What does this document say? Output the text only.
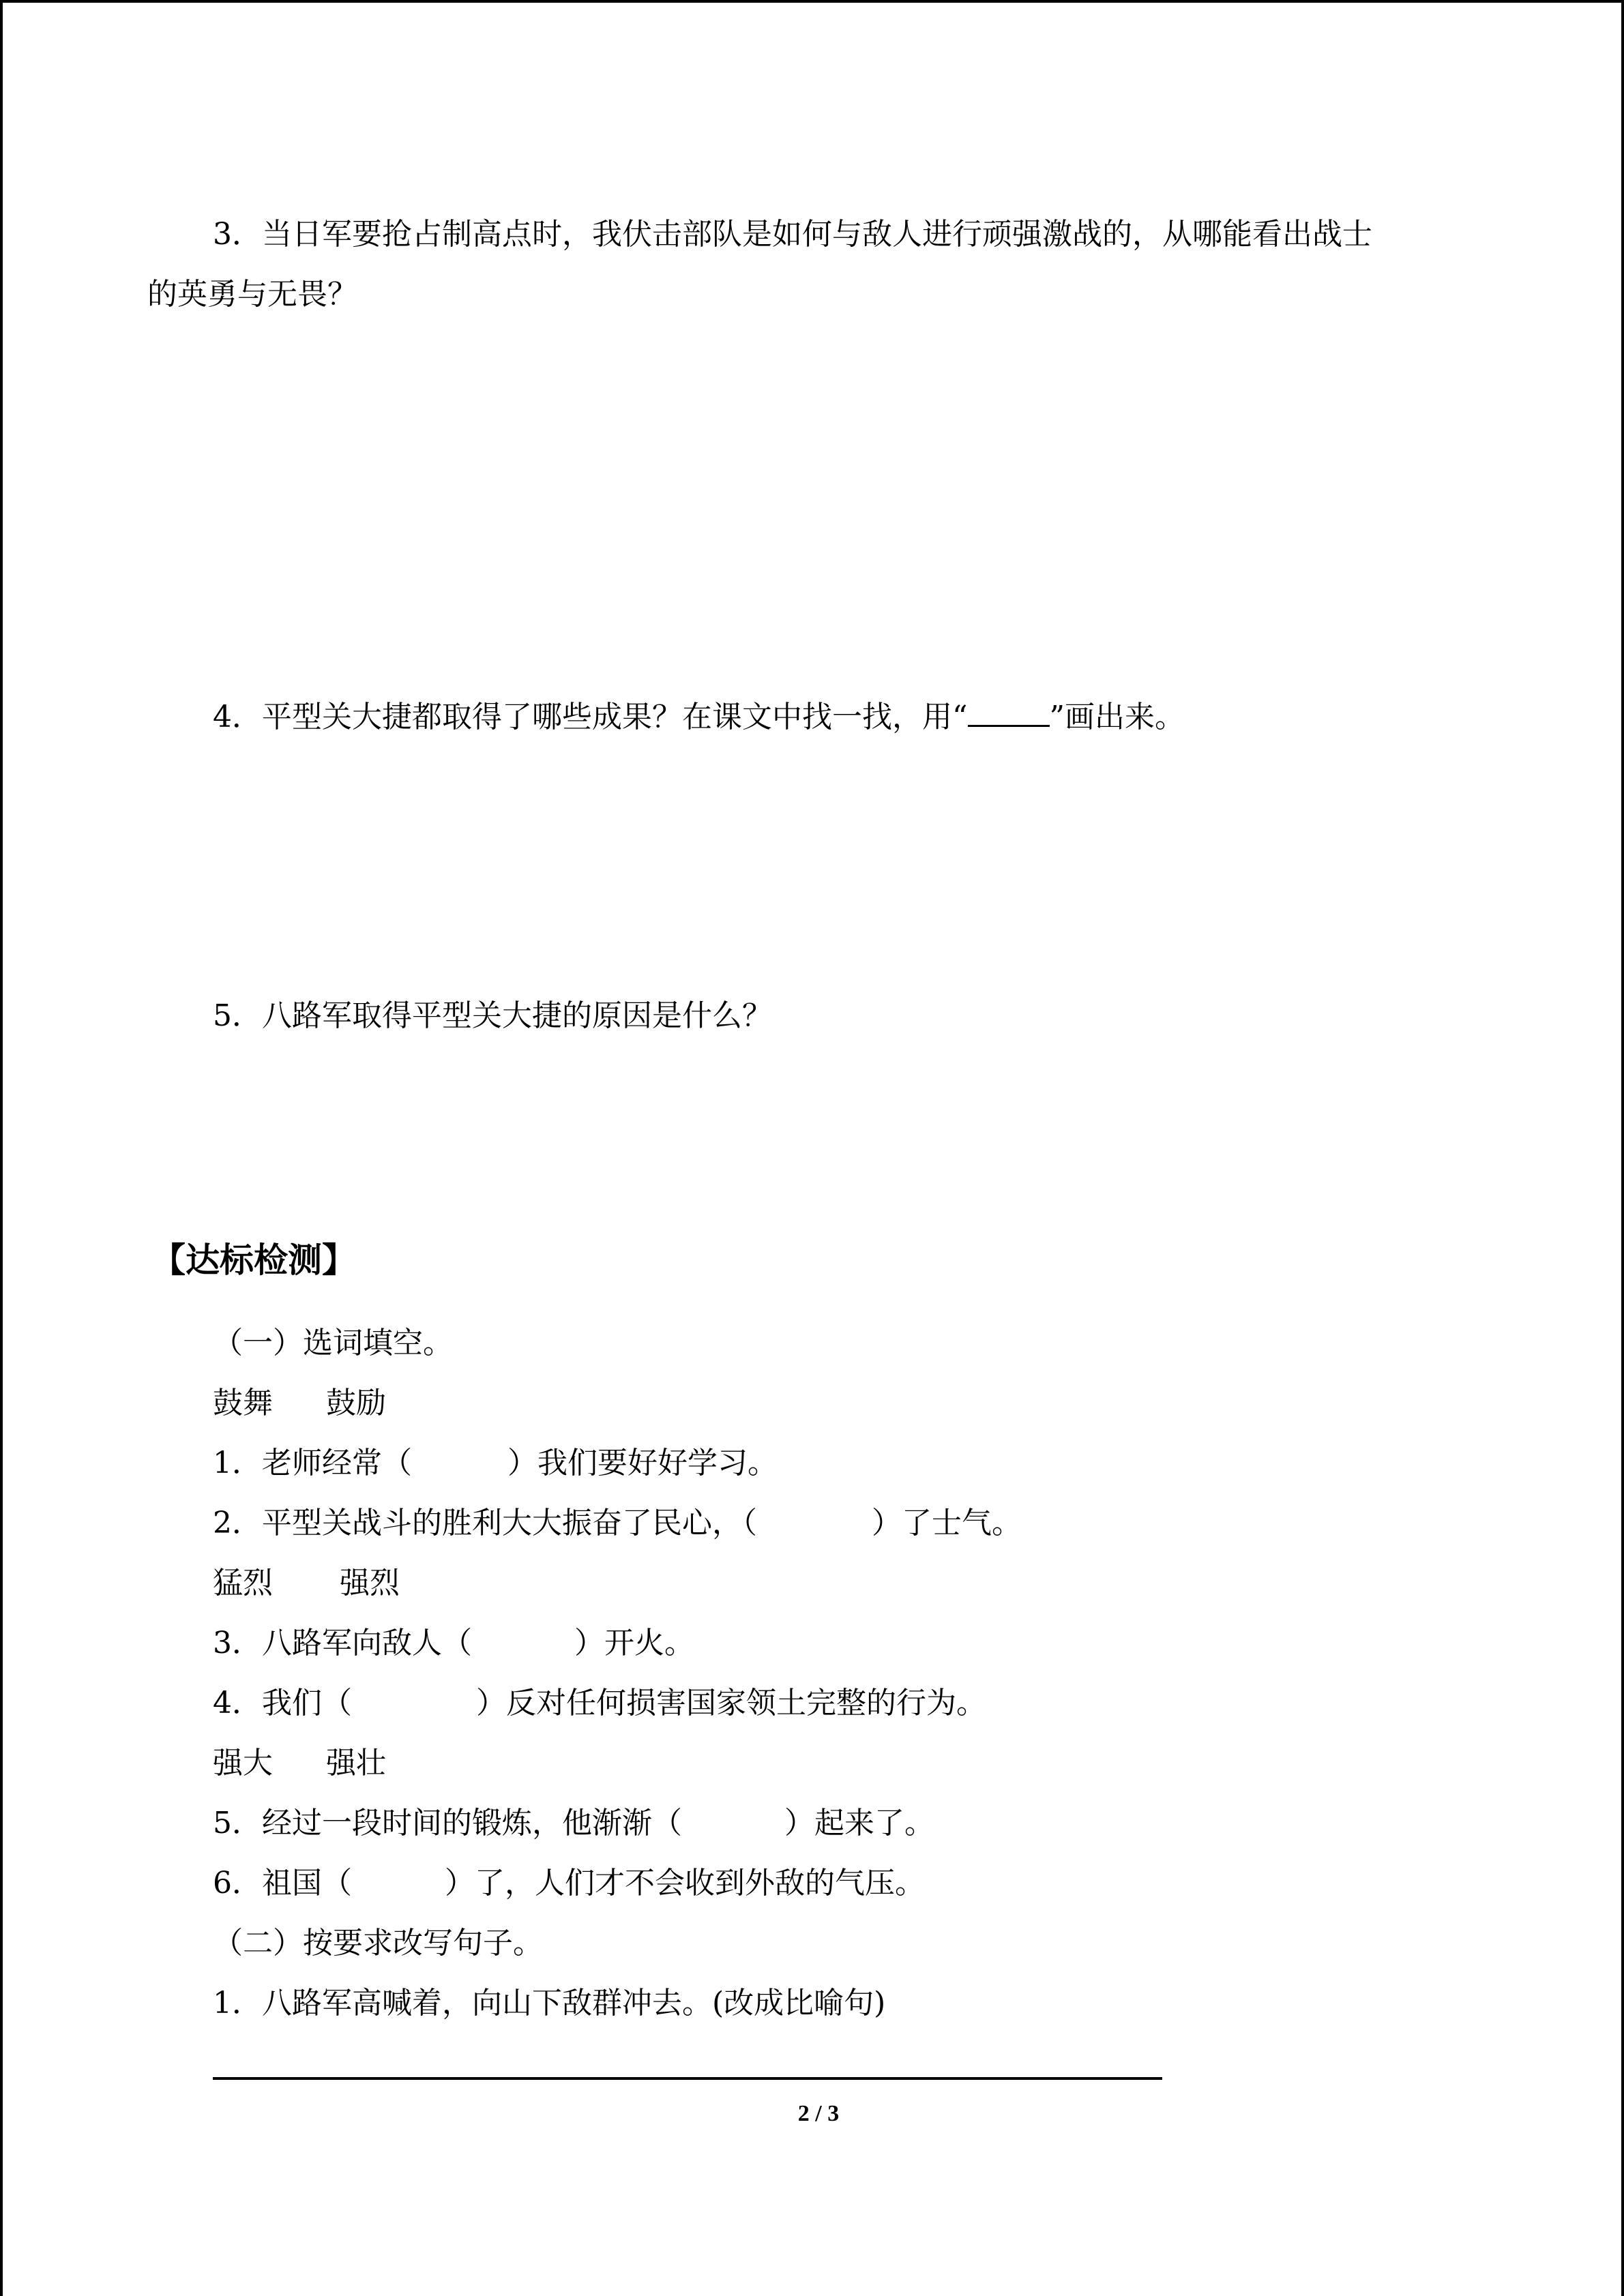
3．当日军要抢占制高点时，我伏击部队是如何与敌人进行顽强激战的，从哪能看出战士
的英勇与无畏？
4．平型关大捷都取得了哪些成果？在课文中找一找，用“	”画出来。
5．八路军取得平型关大捷的原因是什么？
【达标检测】
（一）选词填空。
鼓舞 鼓励
1．老师经常（	）我们要好好学习。
2．平型关战斗的胜利大大振奋了民心，（	）了士气。
猛烈 强烈
3．八路军向敌人（	）开火。
4．我们（	）反对任何损害国家领土完整的行为。
强大 强壮
5．经过一段时间的锻炼，他渐渐（	）起来了。
6．祖国（	）了，人们才不会收到外敌的气压。
（二）按要求改写句子。
1．八路军高喊着，向山下敌群冲去。(改成比喻句)
2 / 3
